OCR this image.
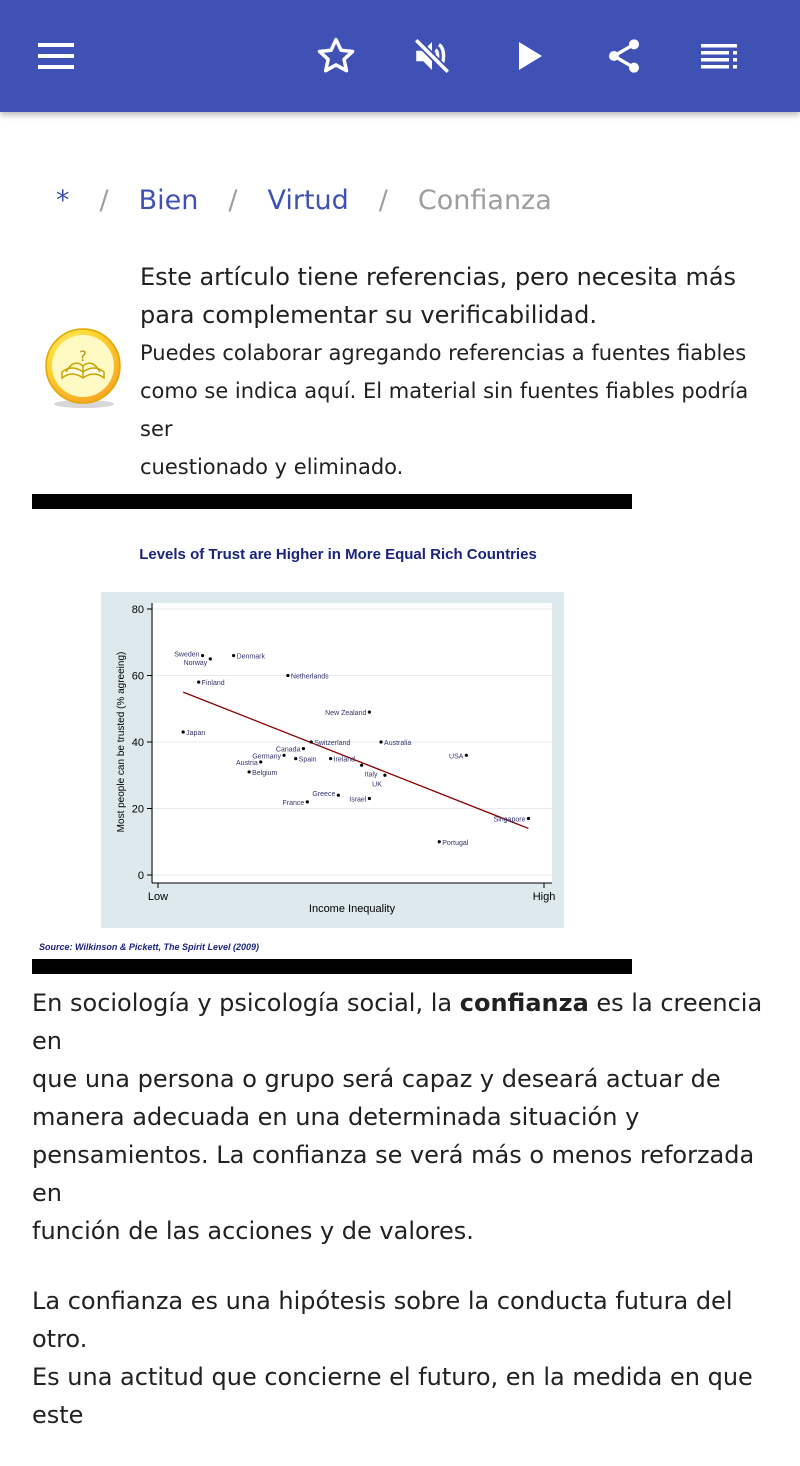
* / Bien / Virtud / Confianza
?
Este artículo tiene referencias, pero necesita más
para complementar su verificabilidad.
Puedes colaborar agregando referencias a fuentes fiables
como se indica aquí. El material sin fuentes fiables podría ser
cuestionado y eliminado.
Levels of Trust are Higher in More Equal Rich Countries
0
20
40
60
80
Low	High
Sweden
Norway
Denmark
Finland
Netherlands
Japan
New Zealand
Switzerland
Canada
Australia
Germany
Austria	Spain Ireland
Belgium	Italy
UK
USA
France
Greece
Israel
Singapore
Portugal
Income Inequality
Most people can be trusted (% agreeing)
Source: Wilkinson & Pickett, The Spirit Level (2009)

En sociología y psicología social, la confianza es la creencia en
que una persona o grupo será capaz y deseará actuar de
manera adecuada en una determinada situación y
pensamientos. La confianza se verá más o menos reforzada en
función de las acciones y de valores.

La confianza es una hipótesis sobre la conducta futura del otro.
Es una actitud que concierne el futuro, en la medida en que este
